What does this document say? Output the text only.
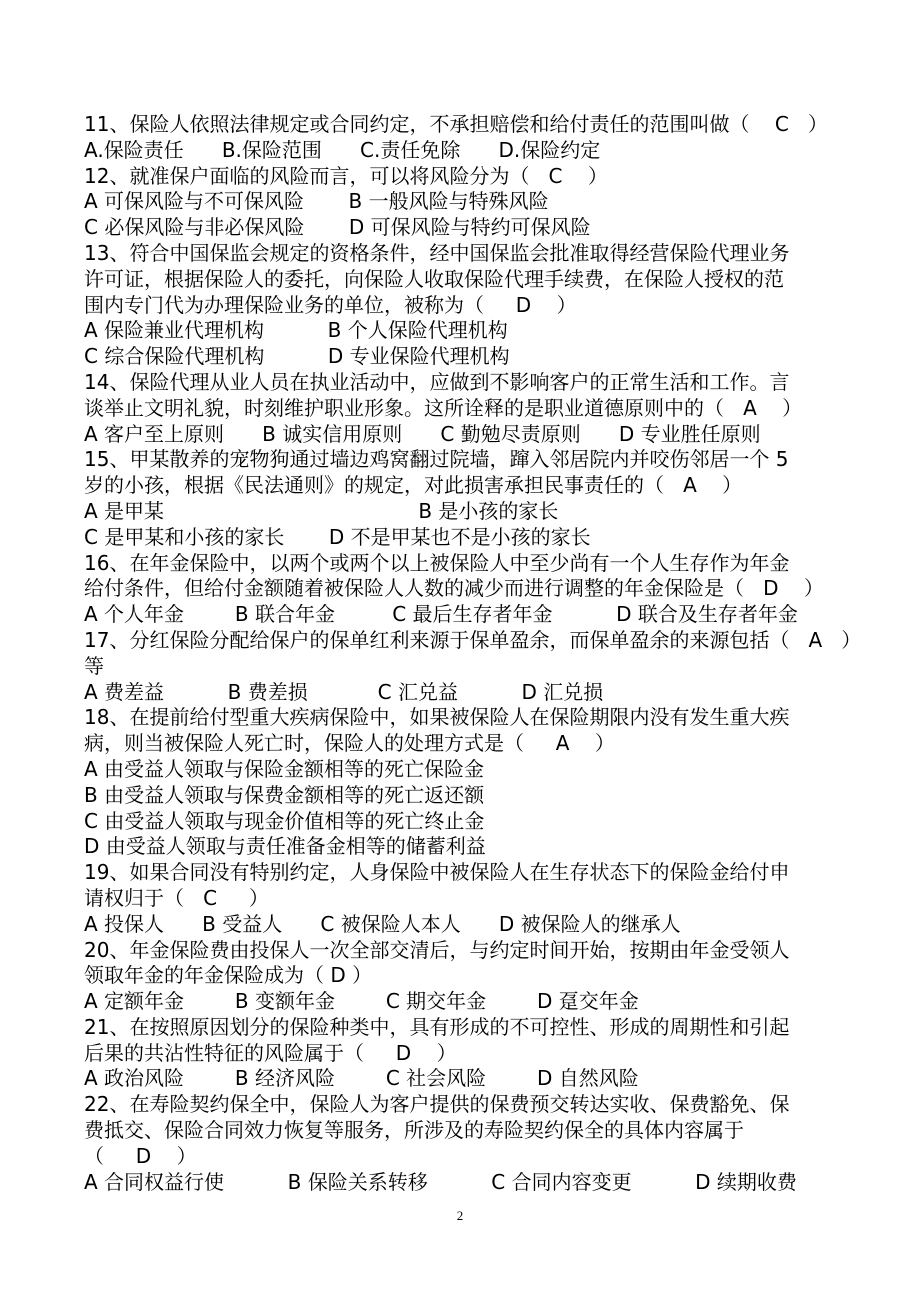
11、保险人依照法律规定或合同约定，不承担赔偿和给付责任的范围叫做（    C   ）
A.保险责任      B.保险范围      C.责任免除      D.保险约定
12、就准保户面临的风险而言，可以将风险分为（   C    ）
A 可保风险与不可保风险       B 一般风险与特殊风险
C 必保风险与非必保风险       D 可保风险与特约可保风险
13、符合中国保监会规定的资格条件，经中国保监会批准取得经营保险代理业务
许可证，根据保险人的委托，向保险人收取保险代理手续费，在保险人授权的范
围内专门代为办理保险业务的单位，被称为（     D    ）
A 保险兼业代理机构          B 个人保险代理机构
C 综合保险代理机构          D 专业保险代理机构
14、保险代理从业人员在执业活动中，应做到不影响客户的正常生活和工作。言
谈举止文明礼貌，时刻维护职业形象。这所诠释的是职业道德原则中的（   A    ）
A 客户至上原则      B 诚实信用原则      C 勤勉尽责原则      D 专业胜任原则
15、甲某散养的宠物狗通过墙边鸡窝翻过院墙，蹿入邻居院内并咬伤邻居一个 5
岁的小孩，根据《民法通则》的规定，对此损害承担民事责任的（   A    ）
A 是甲某                                        B 是小孩的家长
C 是甲某和小孩的家长       D 不是甲某也不是小孩的家长
16、在年金保险中，以两个或两个以上被保险人中至少尚有一个人生存作为年金
给付条件，但给付金额随着被保险人人数的减少而进行调整的年金保险是（   D    ）
A 个人年金        B 联合年金         C 最后生存者年金          D 联合及生存者年金
17、分红保险分配给保户的保单红利来源于保单盈余，而保单盈余的来源包括（   A   ）
等
A 费差益          B 费差损           C 汇兑益          D 汇兑损
18、在提前给付型重大疾病保险中，如果被保险人在保险期限内没有发生重大疾
病，则当被保险人死亡时，保险人的处理方式是（     A    ）
A 由受益人领取与保险金额相等的死亡保险金
B 由受益人领取与保费金额相等的死亡返还额
C 由受益人领取与现金价值相等的死亡终止金
D 由受益人领取与责任准备金相等的储蓄利益
19、如果合同没有特别约定，人身保险中被保险人在生存状态下的保险金给付申
请权归于（   C     ）
A 投保人      B 受益人      C 被保险人本人      D 被保险人的继承人
20、年金保险费由投保人一次全部交清后，与约定时间开始，按期由年金受领人
领取年金的年金保险成为（ D ）
A 定额年金        B 变额年金        C 期交年金        D 趸交年金
21、在按照原因划分的保险种类中，具有形成的不可控性、形成的周期性和引起
后果的共沾性特征的风险属于（     D    ）
A 政治风险        B 经济风险        C 社会风险        D 自然风险
22、在寿险契约保全中，保险人为客户提供的保费预交转达实收、保费豁免、保
费抵交、保险合同效力恢复等服务，所涉及的寿险契约保全的具体内容属于
（     D    ）
A 合同权益行使          B 保险关系转移          C 合同内容变更          D 续期收费
2
